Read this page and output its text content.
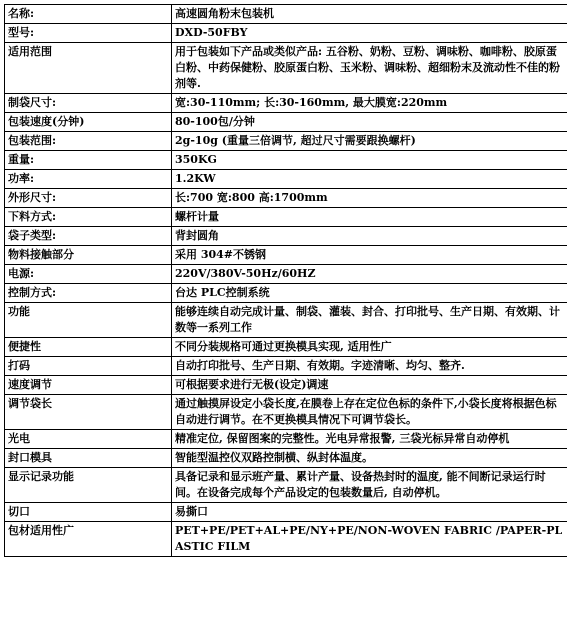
名称:	高速圆角粉末包装机
型号:	DXD-50FBY
适用范围	用于包装如下产品或类似产品: 五谷粉、奶粉、豆粉、调味粉、咖啡粉、胶原蛋白粉、中药保健粉、胶原蛋白粉、玉米粉、调味粉、超细粉末及流动性不佳的粉剂等.
制袋尺寸:	宽:30-110mm; 长:30-160mm, 最大膜宽:220mm
包装速度(分钟)	80-100包/分钟
包装范围:	2g-10g (重量三倍调节, 超过尺寸需要跟换螺杆)
重量:	350KG
功率:	1.2KW
外形尺寸:	长:700 宽:800 高:1700mm
下料方式:	螺杆计量
袋子类型:	背封圆角
物料接触部分	采用 304#不锈钢
电源:	220V/380V-50Hz/60HZ
控制方式:	台达 PLC控制系统
功能	能够连续自动完成计量、制袋、灌装、封合、打印批号、生产日期、有效期、计数等一系列工作
便捷性	不同分装规格可通过更换模具实现, 适用性广
打码	自动打印批号、生产日期、有效期。字迹清晰、均匀、整齐.
速度调节	可根据要求进行无极(设定)调速
调节袋长	通过触摸屏设定小袋长度,在膜卷上存在定位色标的条件下,小袋长度将根据色标自动进行调节。在不更换模具情况下可调节袋长。
光电	精准定位, 保留图案的完整性。光电异常报警, 三袋光标异常自动停机
封口模具	智能型温控仪双路控制横、纵封体温度。
显示记录功能	具备记录和显示班产量、累计产量、设备热封时的温度, 能不间断记录运行时间。在设备完成每个产品设定的包装数量后, 自动停机。
切口	易撕口
包材适用性广	PET+PE/PET+AL+PE/NY+PE/NON-WOVEN FABRIC /PAPER-PLASTIC FILM
